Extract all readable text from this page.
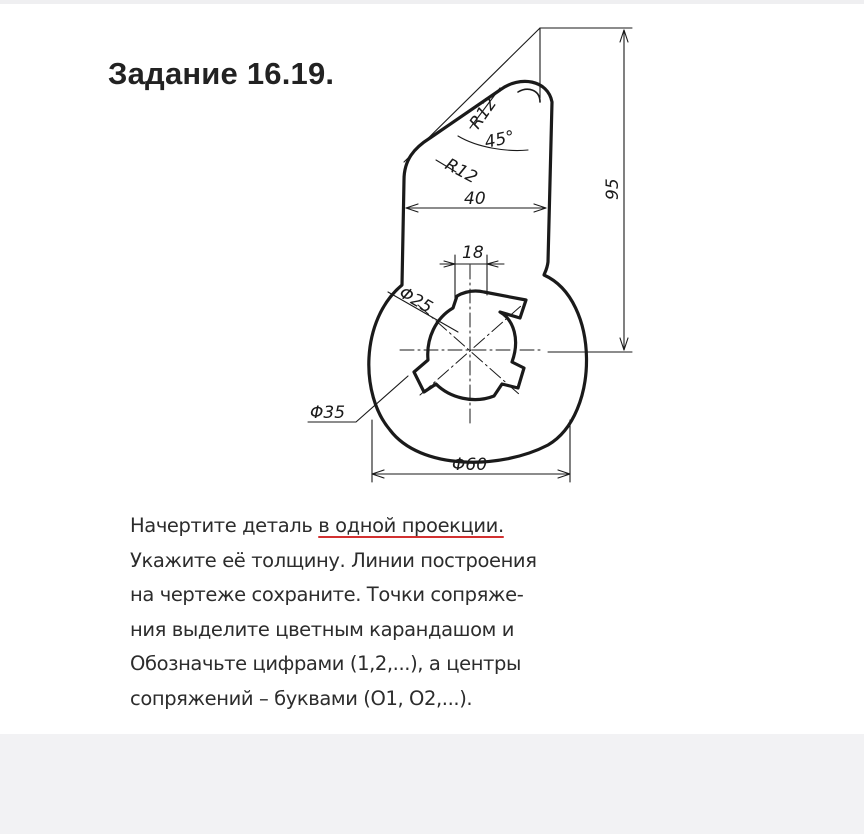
Задание 16.19.
R12
45°
R12
40	95
18
Φ25
Φ35
Φ60
Начертите деталь в одной проекции.
Укажите её толщину. Линии построения
на чертеже сохраните. Точки сопряже-
ния выделите цветным карандашом и
Обозначьте цифрами (1,2,...), а центры
сопряжений – буквами (О1, О2,...).
